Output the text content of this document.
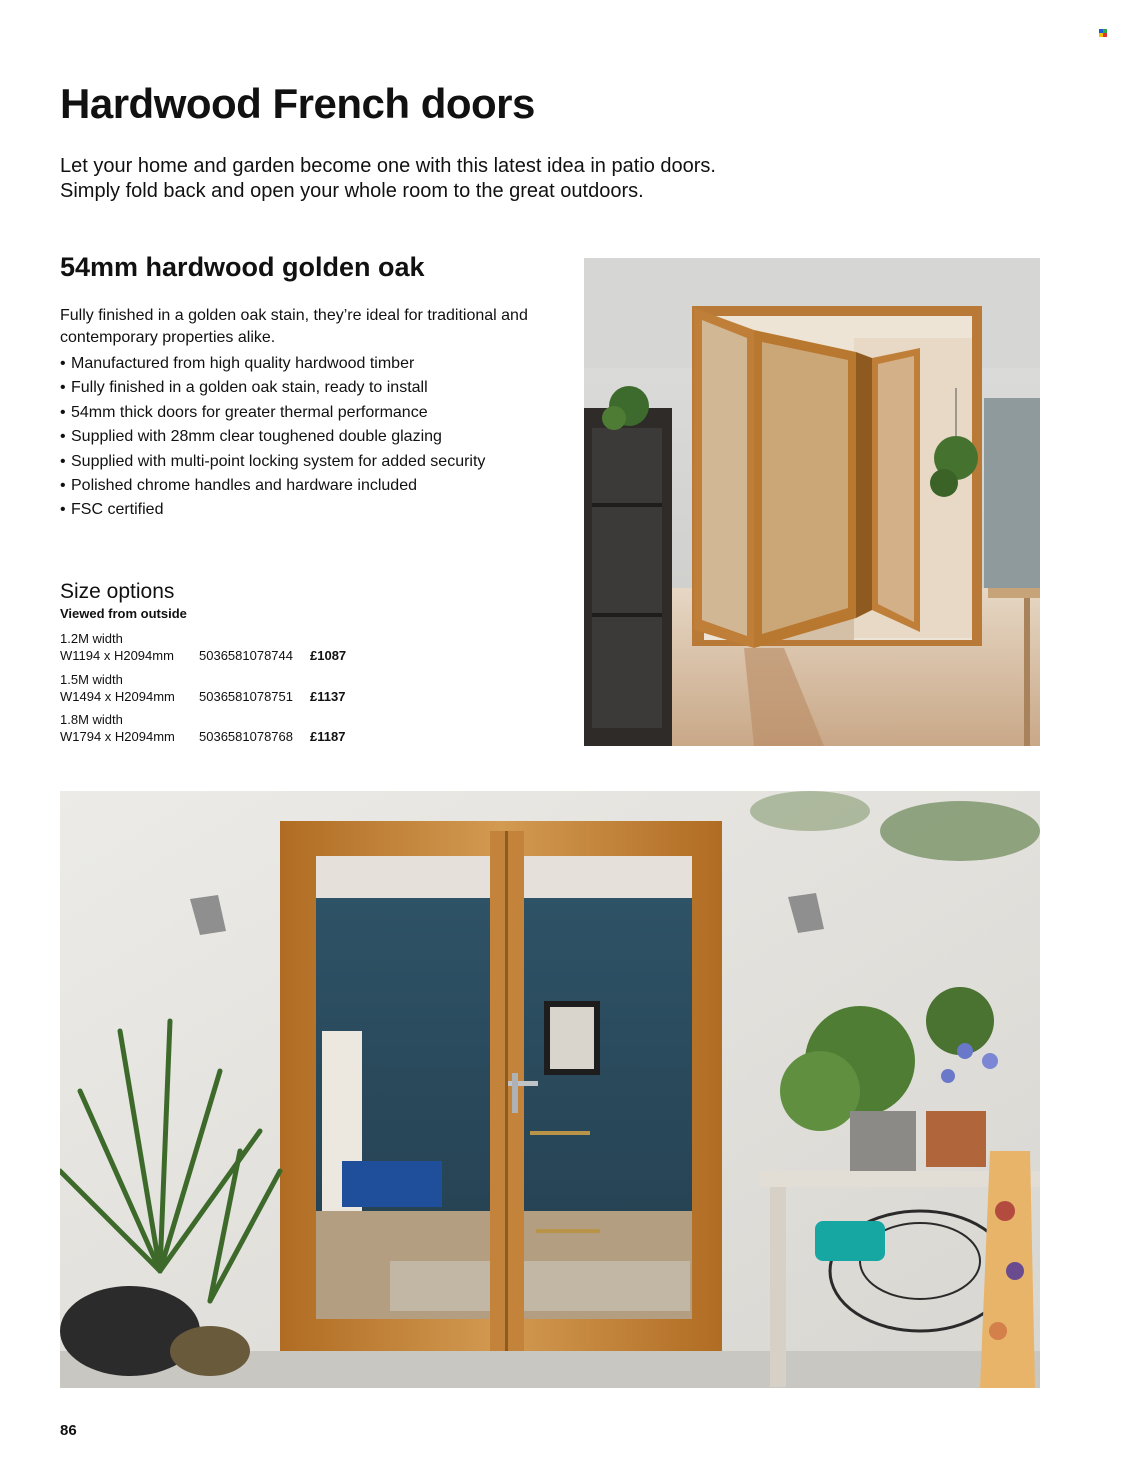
Hardwood French doors
Let your home and garden become one with this latest idea in patio doors.
Simply fold back and open your whole room to the great outdoors.
54mm hardwood golden oak
Fully finished in a golden oak stain, they’re ideal for traditional and contemporary properties alike.
• Manufactured from high quality hardwood timber
• Fully finished in a golden oak stain, ready to install
• 54mm thick doors for greater thermal performance
• Supplied with 28mm clear toughened double glazing
• Supplied with multi-point locking system for added security
• Polished chrome handles and hardware included
• FSC certified
Size options
Viewed from outside
1.2M width
W1194 x H2094mm 5036581078744 £1087
1.5M width
W1494 x H2094mm 5036581078751 £1137
1.8M width
W1794 x H2094mm 5036581078768 £1187
86
